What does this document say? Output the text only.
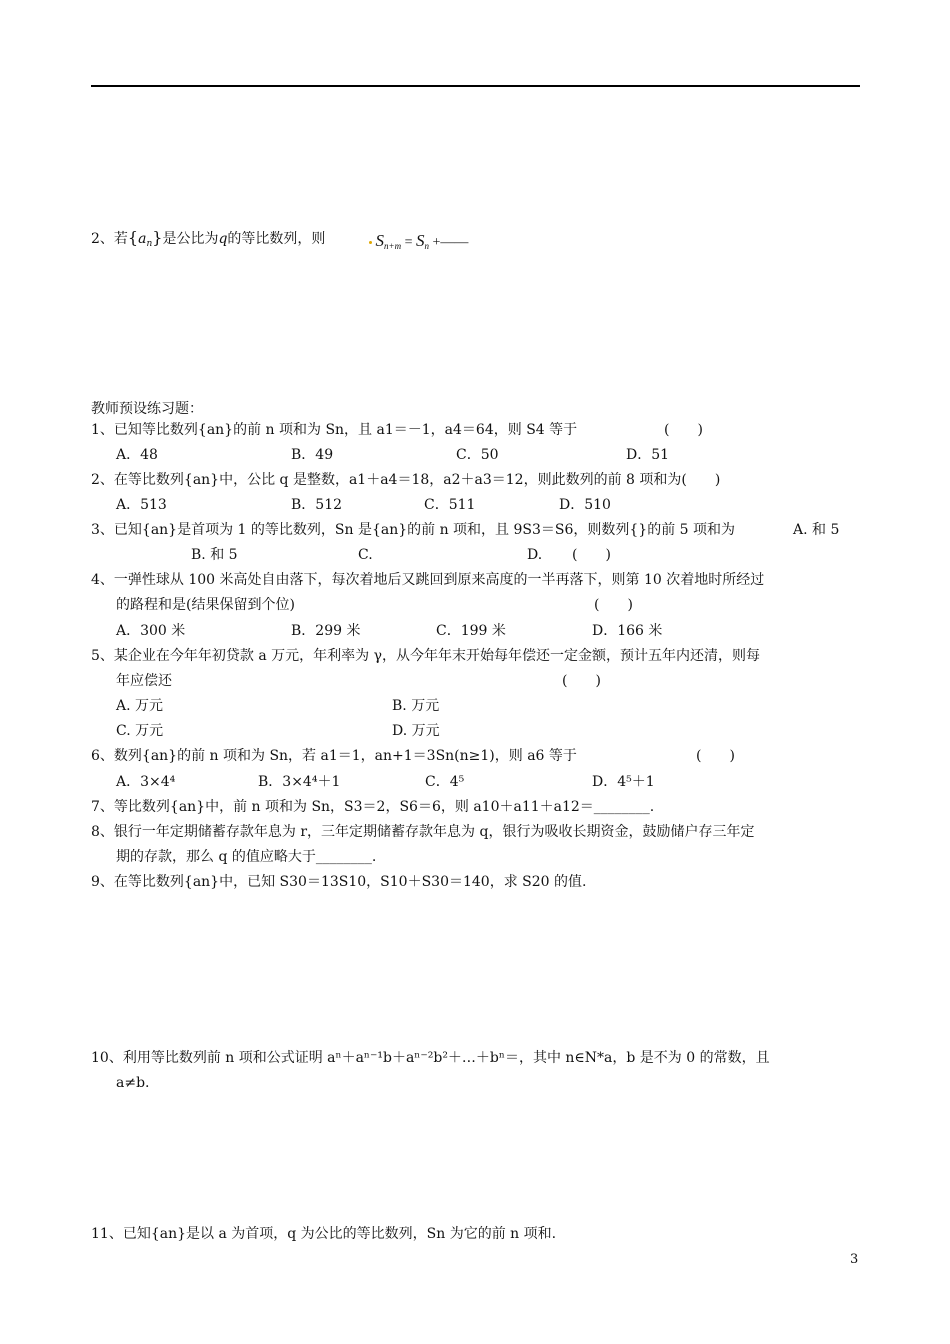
2、若$\{a_n\}$是公比为q的等比数列，则	$S_{n+m} = S_n$ +——
教师预设练习题：
1、已知等比数列{an}的前 n 项和为 Sn，且 a1＝－1，a4＝64，则 S4 等于	(　　)
A．48	B．49	C．50	D．51
2、在等比数列{an}中，公比 q 是整数，a1＋a4＝18，a2＋a3＝12，则此数列的前 8 项和为(　　)
A．513	B．512	C．511	D．510
3、已知{an}是首项为 1 的等比数列，Sn 是{an}的前 n 项和，且 9S3＝S6，则数列{}的前 5 项和为	A. 和 5
B. 和 5	C.	D. (　　)
4、一弹性球从 100 米高处自由落下，每次着地后又跳回到原来高度的一半再落下，则第 10 次着地时所经过
的路程和是(结果保留到个位)	(　　)
A．300 米	B．299 米	C．199 米	D．166 米
5、某企业在今年年初贷款 a 万元，年利率为 γ，从今年年末开始每年偿还一定金额，预计五年内还清，则每
年应偿还	(　　)
A. 万元	B. 万元
C. 万元	D. 万元
6、数列{an}的前 n 项和为 Sn，若 a1＝1，an+1＝3Sn(n≥1)，则 a6 等于	(　　)
A．3×4⁴	B．3×4⁴＋1	C．4⁵	D．4⁵＋1
7、等比数列{an}中，前 n 项和为 Sn，S3＝2，S6＝6，则 a10＋a11＋a12＝________.
8、银行一年定期储蓄存款年息为 r，三年定期储蓄存款年息为 q，银行为吸收长期资金，鼓励储户存三年定
期的存款，那么 q 的值应略大于________.
9、在等比数列{an}中，已知 S30＝13S10，S10＋S30＝140，求 S20 的值.
10、利用等比数列前 n 项和公式证明 aⁿ＋aⁿ⁻¹b＋aⁿ⁻²b²＋…＋bⁿ＝，其中 n∈N*a，b 是不为 0 的常数，且
a≠b.
11、已知{an}是以 a 为首项，q 为公比的等比数列，Sn 为它的前 n 项和.
3
